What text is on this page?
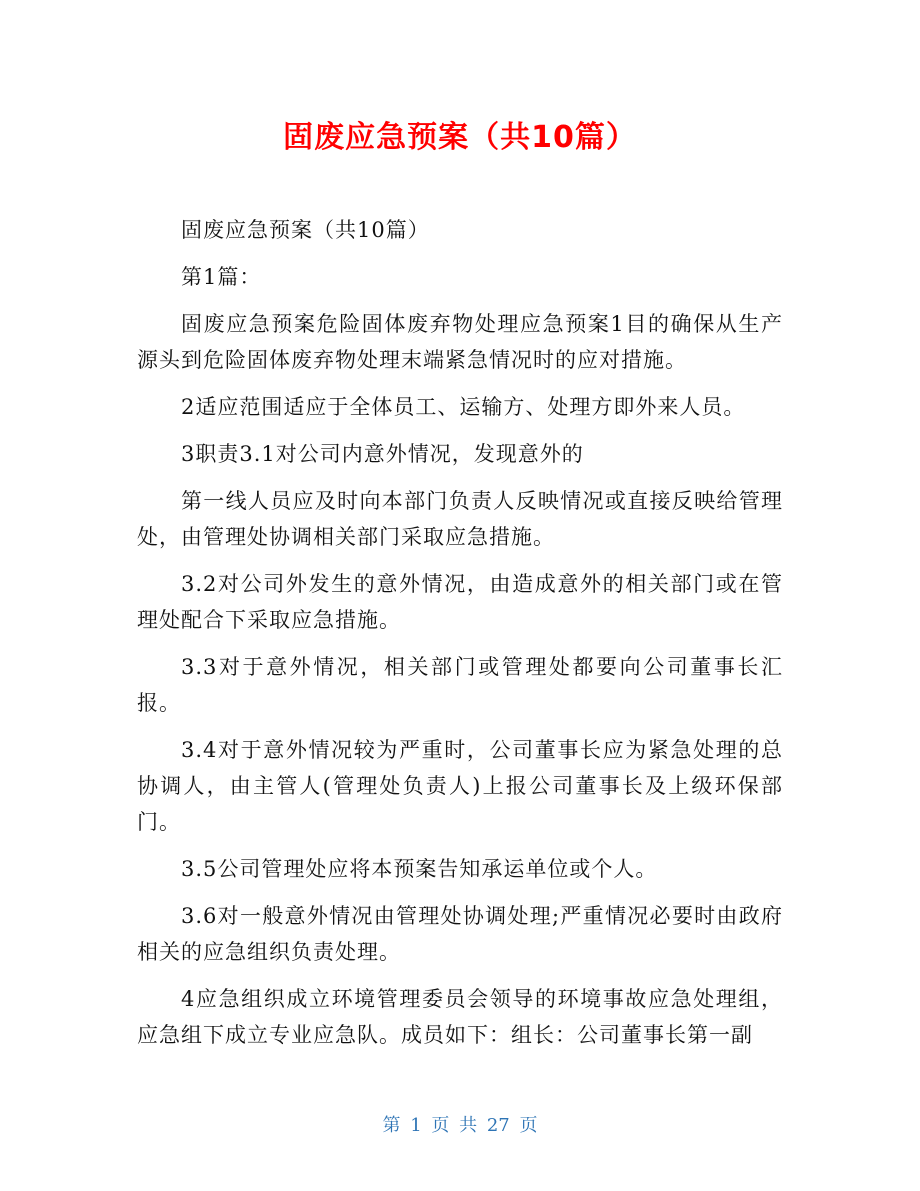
固废应急预案（共10篇）

固废应急预案（共10篇）

第1篇：

固废应急预案危险固体废弃物处理应急预案1目的确保从生产源头到危险固体废弃物处理末端紧急情况时的应对措施。

2适应范围适应于全体员工、运输方、处理方即外来人员。

3职责3.1对公司内意外情况，发现意外的

第一线人员应及时向本部门负责人反映情况或直接反映给管理处，由管理处协调相关部门采取应急措施。

3.2对公司外发生的意外情况，由造成意外的相关部门或在管理处配合下采取应急措施。

3.3对于意外情况，相关部门或管理处都要向公司董事长汇报。

3.4对于意外情况较为严重时，公司董事长应为紧急处理的总协调人，由主管人(管理处负责人)上报公司董事长及上级环保部门。

3.5公司管理处应将本预案告知承运单位或个人。

3.6对一般意外情况由管理处协调处理;严重情况必要时由政府相关的应急组织负责处理。

4应急组织成立环境管理委员会领导的环境事故应急处理组，应急组下成立专业应急队。成员如下：组长：公司董事长第一副

第 1 页 共 27 页
